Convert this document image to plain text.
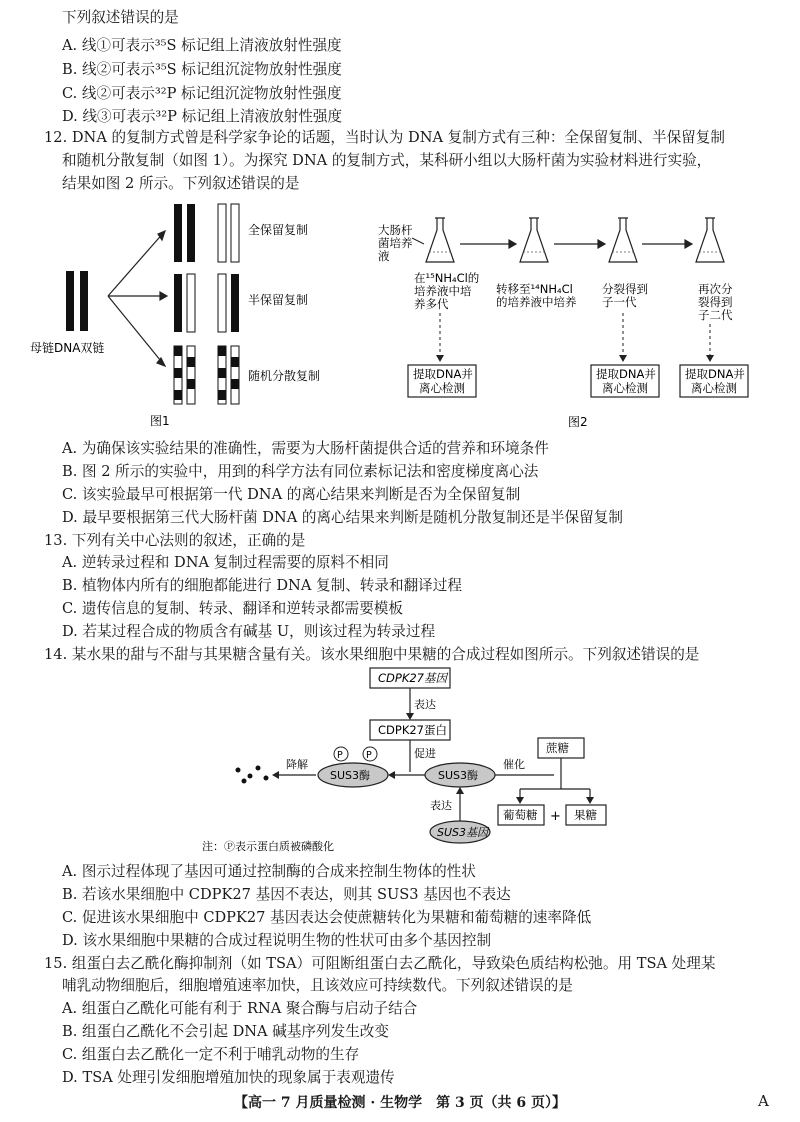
下列叙述错误的是
A. 线①可表示³⁵S 标记组上清液放射性强度
B. 线②可表示³⁵S 标记组沉淀物放射性强度
C. 线②可表示³²P 标记组沉淀物放射性强度
D. 线③可表示³²P 标记组上清液放射性强度
12. DNA 的复制方式曾是科学家争论的话题，当时认为 DNA 复制方式有三种：全保留复制、半保留复制
和随机分散复制（如图 1）。为探究 DNA 的复制方式，某科研小组以大肠杆菌为实验材料进行实验，
结果如图 2 所示。下列叙述错误的是
母链DNA双链
全保留复制
半保留复制
随机分散复制
图1
大肠杆
菌培养
液
在¹⁵NH₄Cl的
培养液中培
养多代
转移至¹⁴NH₄Cl
的培养液中培养
分裂得到
子一代
再次分
裂得到
子二代
提取DNA并
离心检测
提取DNA并
离心检测
提取DNA并
离心检测
图2
A. 为确保该实验结果的准确性，需要为大肠杆菌提供合适的营养和环境条件
B. 图 2 所示的实验中，用到的科学方法有同位素标记法和密度梯度离心法
C. 该实验最早可根据第一代 DNA 的离心结果来判断是否为全保留复制
D. 最早要根据第三代大肠杆菌 DNA 的离心结果来判断是随机分散复制还是半保留复制
13. 下列有关中心法则的叙述，正确的是
A. 逆转录过程和 DNA 复制过程需要的原料不相同
B. 植物体内所有的细胞都能进行 DNA 复制、转录和翻译过程
C. 遗传信息的复制、转录、翻译和逆转录都需要模板
D. 若某过程合成的物质含有碱基 U，则该过程为转录过程
14. 某水果的甜与不甜与其果糖含量有关。该水果细胞中果糖的合成过程如图所示。下列叙述错误的是
CDPK27基因
表达
CDPK27蛋白
促进
SUS3酶
P P
降解
SUS3酶
SUS3基因
表达
催化
蔗糖
葡萄糖 + 果糖
注：Ⓟ表示蛋白质被磷酸化
A. 图示过程体现了基因可通过控制酶的合成来控制生物体的性状
B. 若该水果细胞中 CDPK27 基因不表达，则其 SUS3 基因也不表达
C. 促进该水果细胞中 CDPK27 基因表达会使蔗糖转化为果糖和葡萄糖的速率降低
D. 该水果细胞中果糖的合成过程说明生物的性状可由多个基因控制
15. 组蛋白去乙酰化酶抑制剂（如 TSA）可阻断组蛋白去乙酰化，导致染色质结构松弛。用 TSA 处理某
哺乳动物细胞后，细胞增殖速率加快，且该效应可持续数代。下列叙述错误的是
A. 组蛋白乙酰化可能有利于 RNA 聚合酶与启动子结合
B. 组蛋白乙酰化不会引起 DNA 碱基序列发生改变
C. 组蛋白去乙酰化一定不利于哺乳动物的生存
D. TSA 处理引发细胞增殖加快的现象属于表观遗传
【高一 7 月质量检测 · 生物学　第 3 页（共 6 页）】	A
